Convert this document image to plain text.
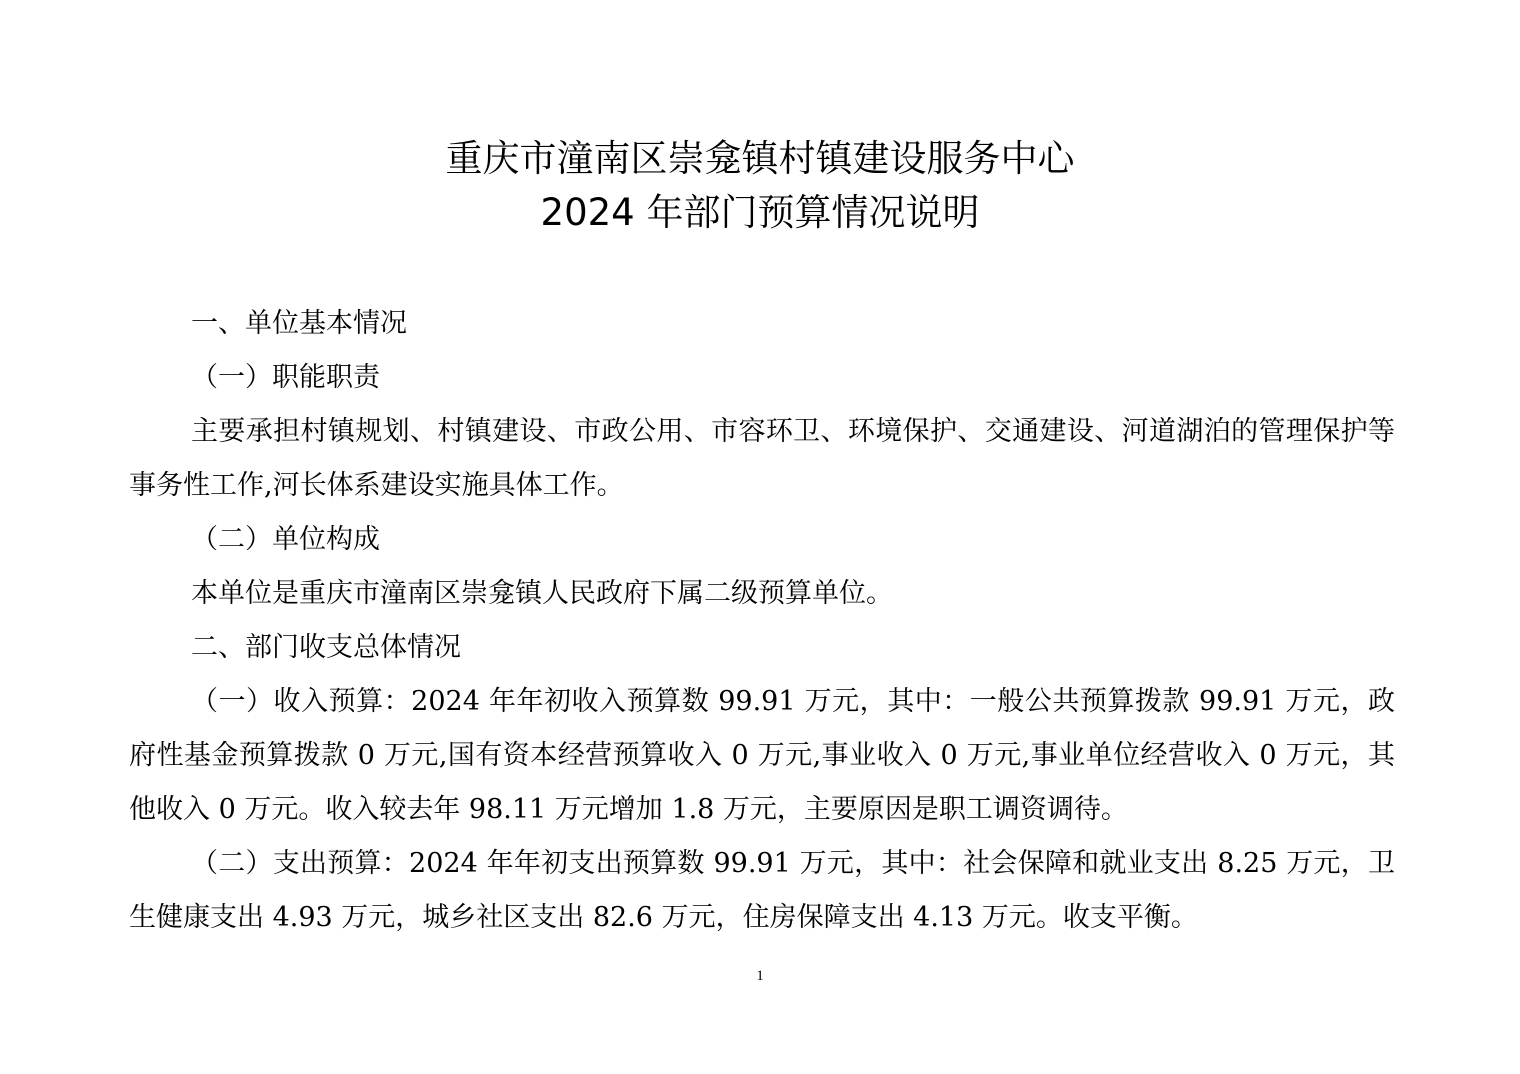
重庆市潼南区崇龛镇村镇建设服务中心
2024 年部门预算情况说明

一、单位基本情况

（一）职能职责

主要承担村镇规划、村镇建设、市政公用、市容环卫、环境保护、交通建设、河道湖泊的管理保护等事务性工作,河长体系建设实施具体工作。

（二）单位构成

本单位是重庆市潼南区崇龛镇人民政府下属二级预算单位。

二、部门收支总体情况

（一）收入预算：2024 年年初收入预算数 99.91 万元，其中：一般公共预算拨款 99.91 万元，政府性基金预算拨款 0 万元,国有资本经营预算收入 0 万元,事业收入 0 万元,事业单位经营收入 0 万元，其他收入 0 万元。收入较去年 98.11 万元增加 1.8 万元，主要原因是职工调资调待。

（二）支出预算：2024 年年初支出预算数 99.91 万元，其中：社会保障和就业支出 8.25 万元，卫生健康支出 4.93 万元，城乡社区支出 82.6 万元，住房保障支出 4.13 万元。收支平衡。

1
